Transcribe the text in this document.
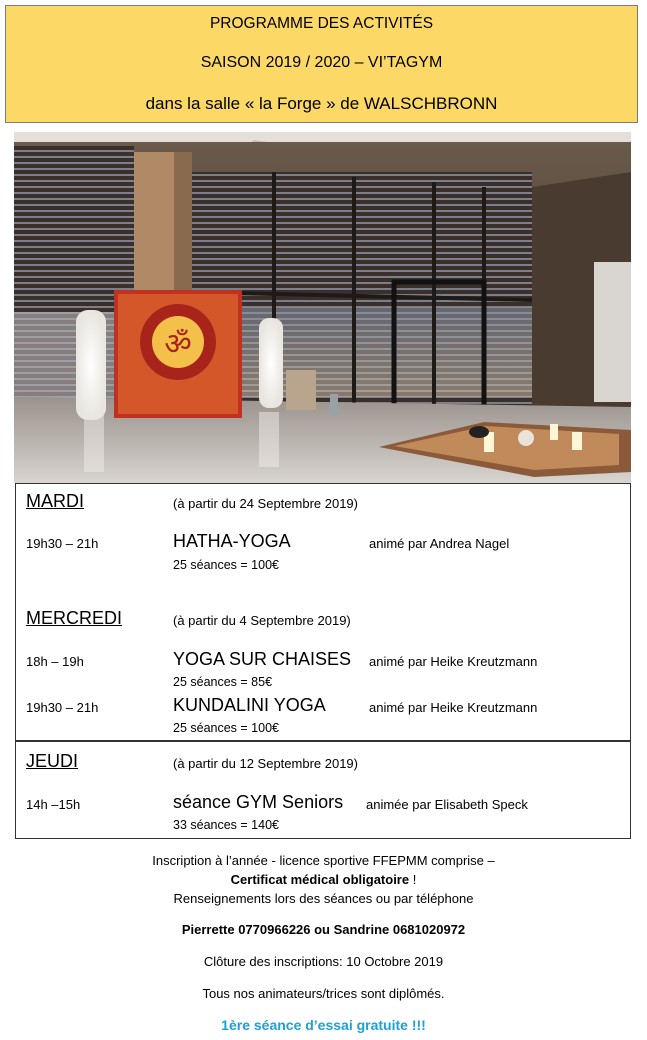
PROGRAMME DES ACTIVITÉS
SAISON 2019 / 2020 – VI’TAGYM
dans la salle « la Forge » de WALSCHBRONN
ॐ
MARDI	(à partir du 24 Septembre 2019)
19h30 – 21h	HATHA-YOGA	animé par Andrea Nagel
25 séances = 100€
MERCREDI	(à partir du 4 Septembre 2019)
18h – 19h	YOGA SUR CHAISES animé par Heike Kreutzmann
25 séances = 85€
19h30 – 21h	KUNDALINI YOGA	animé par Heike Kreutzmann
25 séances = 100€
JEUDI	(à partir du 12 Septembre 2019)
14h –15h	séance GYM Seniors animée par Elisabeth Speck
33 séances = 140€
Inscription à l’année - licence sportive FFEPMM comprise –
Certificat médical obligatoire !
Renseignements lors des séances ou par téléphone
Pierrette 0770966226 ou Sandrine 0681020972
Clôture des inscriptions: 10 Octobre 2019
Tous nos animateurs/trices sont diplômés.
1ère séance d’essai gratuite !!!
